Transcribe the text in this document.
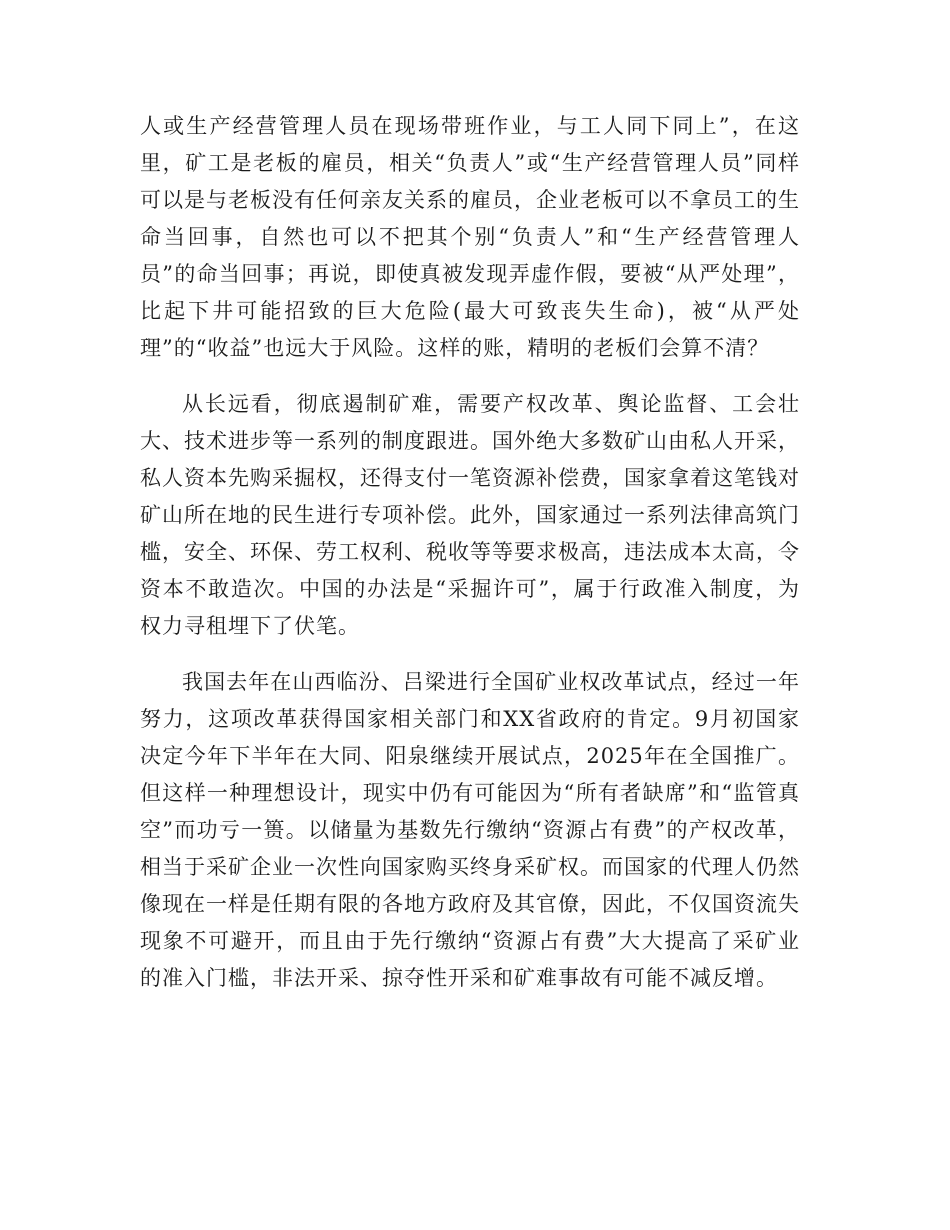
人或生产经营管理人员在现场带班作业，与工人同下同上”，在这里，矿工是老板的雇员，相关“负责人”或“生产经营管理人员”同样可以是与老板没有任何亲友关系的雇员，企业老板可以不拿员工的生命当回事，自然也可以不把其个别“负责人”和“生产经营管理人员”的命当回事；再说，即使真被发现弄虚作假，要被“从严处理”，比起下井可能招致的巨大危险(最大可致丧失生命)，被“从严处理”的“收益”也远大于风险。这样的账，精明的老板们会算不清？

从长远看，彻底遏制矿难，需要产权改革、舆论监督、工会壮大、技术进步等一系列的制度跟进。国外绝大多数矿山由私人开采，私人资本先购采掘权，还得支付一笔资源补偿费，国家拿着这笔钱对矿山所在地的民生进行专项补偿。此外，国家通过一系列法律高筑门槛，安全、环保、劳工权利、税收等等要求极高，违法成本太高，令资本不敢造次。中国的办法是“采掘许可”，属于行政准入制度，为权力寻租埋下了伏笔。

我国去年在山西临汾、吕梁进行全国矿业权改革试点，经过一年努力，这项改革获得国家相关部门和XX省政府的肯定。9月初国家决定今年下半年在大同、阳泉继续开展试点，2025年在全国推广。但这样一种理想设计，现实中仍有可能因为“所有者缺席”和“监管真空”而功亏一篑。以储量为基数先行缴纳“资源占有费”的产权改革，相当于采矿企业一次性向国家购买终身采矿权。而国家的代理人仍然像现在一样是任期有限的各地方政府及其官僚，因此，不仅国资流失现象不可避开，而且由于先行缴纳“资源占有费”大大提高了采矿业的准入门槛，非法开采、掠夺性开采和矿难事故有可能不减反增。
